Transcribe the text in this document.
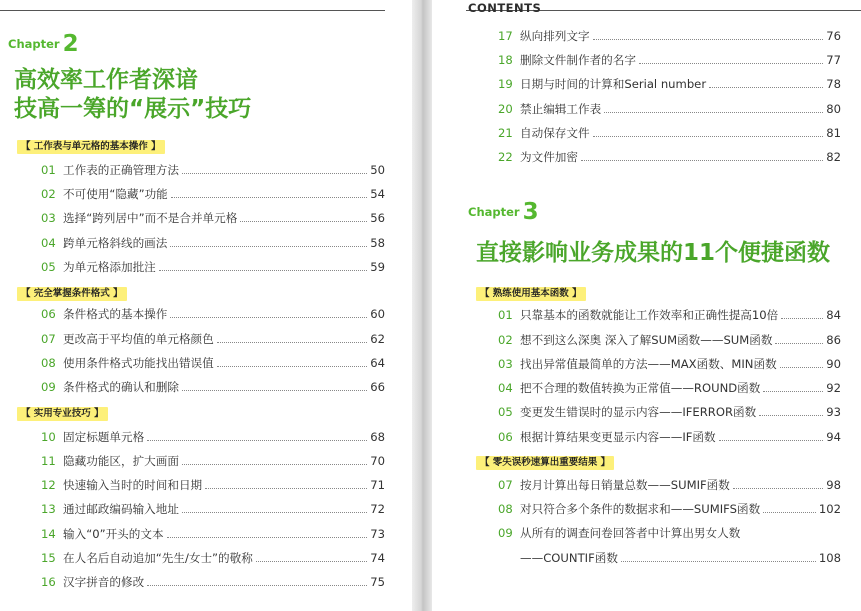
Chapter 2
高效率工作者深谙
技高一筹的“展示”技巧
【 工作表与单元格的基本操作 】
01 工作表的正确管理方法	50
02 不可使用“隐藏”功能	54
03 选择“跨列居中”而不是合并单元格	56
04 跨单元格斜线的画法	58
05 为单元格添加批注	59
【 完全掌握条件格式 】
06 条件格式的基本操作	60
07 更改高于平均值的单元格颜色	62
08 使用条件格式功能找出错误值	64
09 条件格式的确认和删除	66
【 实用专业技巧 】
10 固定标题单元格	68
11 隐藏功能区，扩大画面	70
12 快速输入当时的时间和日期	71
13 通过邮政编码输入地址	72
14 输入“0”开头的文本	73
15 在人名后自动追加“先生/女士”的敬称	74
16 汉字拼音的修改	75
CONTENTS
17 纵向排列文字	76
18 删除文件制作者的名字	77
19 日期与时间的计算和Serial number	78
20 禁止编辑工作表	80
21 自动保存文件	81
22 为文件加密	82
Chapter 3
直接影响业务成果的11个便捷函数
【 熟练使用基本函数 】
01 只靠基本的函数就能让工作效率和正确性提高10倍	84
02 想不到这么深奥 深入了解SUM函数——SUM函数	86
03 找出异常值最简单的方法——MAX函数、MIN函数	90
04 把不合理的数值转换为正常值——ROUND函数	92
05 变更发生错误时的显示内容——IFERROR函数	93
06 根据计算结果变更显示内容——IF函数	94
【 零失误秒速算出重要结果 】
07 按月计算出每日销量总数——SUMIF函数	98
08 对只符合多个条件的数据求和——SUMIFS函数	102
09 从所有的调查问卷回答者中计算出男女人数
——COUNTIF函数	108
